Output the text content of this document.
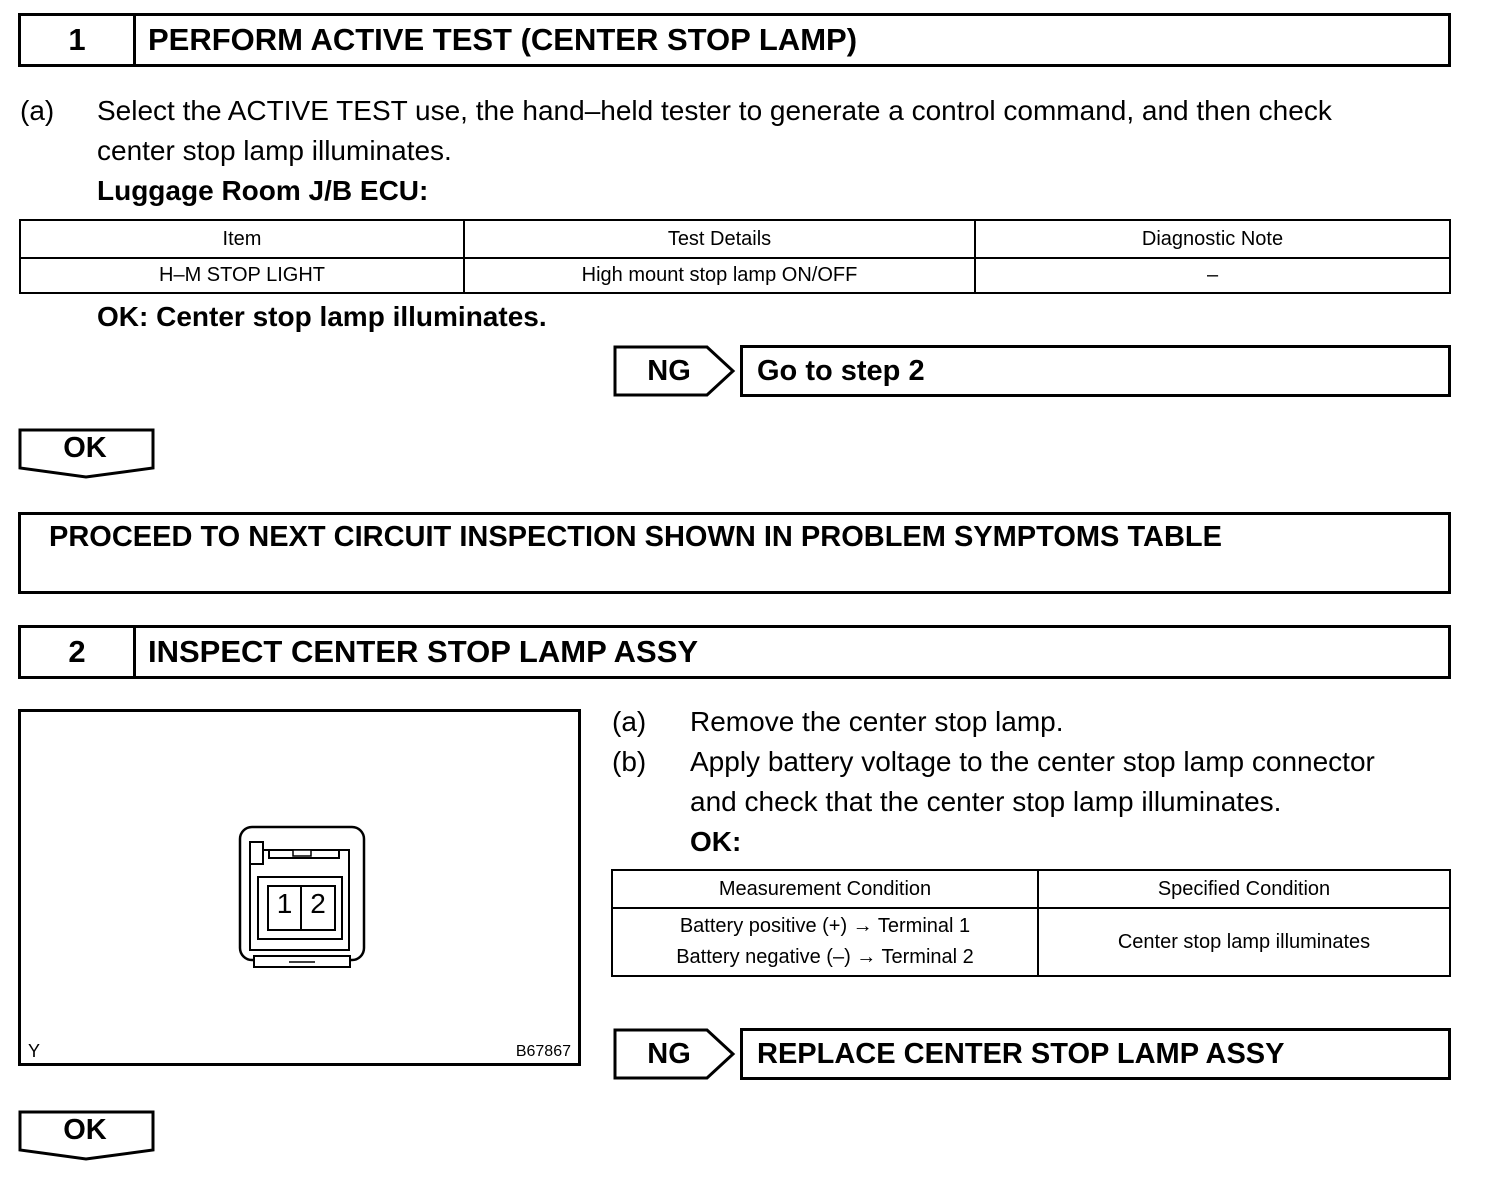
1	PERFORM ACTIVE TEST (CENTER STOP LAMP)
(a) Select the ACTIVE TEST use, the hand–held tester to generate a control command, and then check
center stop lamp illuminates.
Luggage Room J/B ECU:
Item	Test Details	Diagnostic Note
H–M STOP LIGHT	High mount stop lamp ON/OFF	–
OK: Center stop lamp illuminates.
NG	Go to step 2
OK
PROCEED TO NEXT CIRCUIT INSPECTION SHOWN IN PROBLEM SYMPTOMS TABLE
2	INSPECT CENTER STOP LAMP ASSY
1 2
Y	B67867
(a) Remove the center stop lamp.
(b) Apply battery voltage to the center stop lamp connector
and check that the center stop lamp illuminates.
OK:
Measurement Condition	Specified Condition

Battery positive (+) → Terminal 1
Battery negative (–) → Terminal 2	Center stop lamp illuminates
NG	REPLACE CENTER STOP LAMP ASSY
OK
